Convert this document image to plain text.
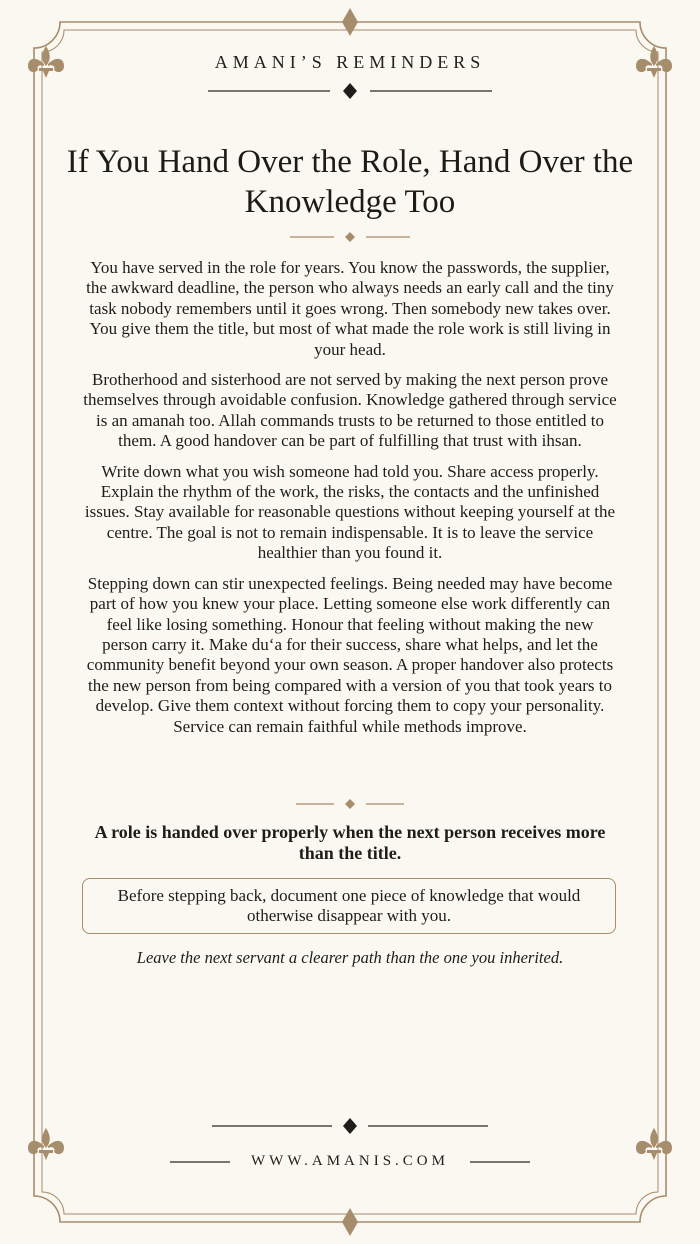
AMANI’S REMINDERS
If You Hand Over the Role, Hand Over the Knowledge Too

You have served in the role for years. You know the passwords, the supplier, the awkward deadline, the person who always needs an early call and the tiny task nobody remembers until it goes wrong. Then somebody new takes over. You give them the title, but most of what made the role work is still living in your head.

Brotherhood and sisterhood are not served by making the next person prove themselves through avoidable confusion. Knowledge gathered through service is an amanah too. Allah commands trusts to be returned to those entitled to them. A good handover can be part of fulfilling that trust with ihsan.

Write down what you wish someone had told you. Share access properly. Explain the rhythm of the work, the risks, the contacts and the unfinished issues. Stay available for reasonable questions without keeping yourself at the centre. The goal is not to remain indispensable. It is to leave the service healthier than you found it.

Stepping down can stir unexpected feelings. Being needed may have become part of how you knew your place. Letting someone else work differently can feel like losing something. Honour that feeling without making the new person carry it. Make du‘a for their success, share what helps, and let the community benefit beyond your own season. A proper handover also protects the new person from being compared with a version of you that took years to develop. Give them context without forcing them to copy your personality. Service can remain faithful while methods improve.

A role is handed over properly when the next person receives more than the title.

Before stepping back, document one piece of knowledge that would otherwise disappear with you.
Leave the next servant a clearer path than the one you inherited.
WWW.AMANIS.COM
